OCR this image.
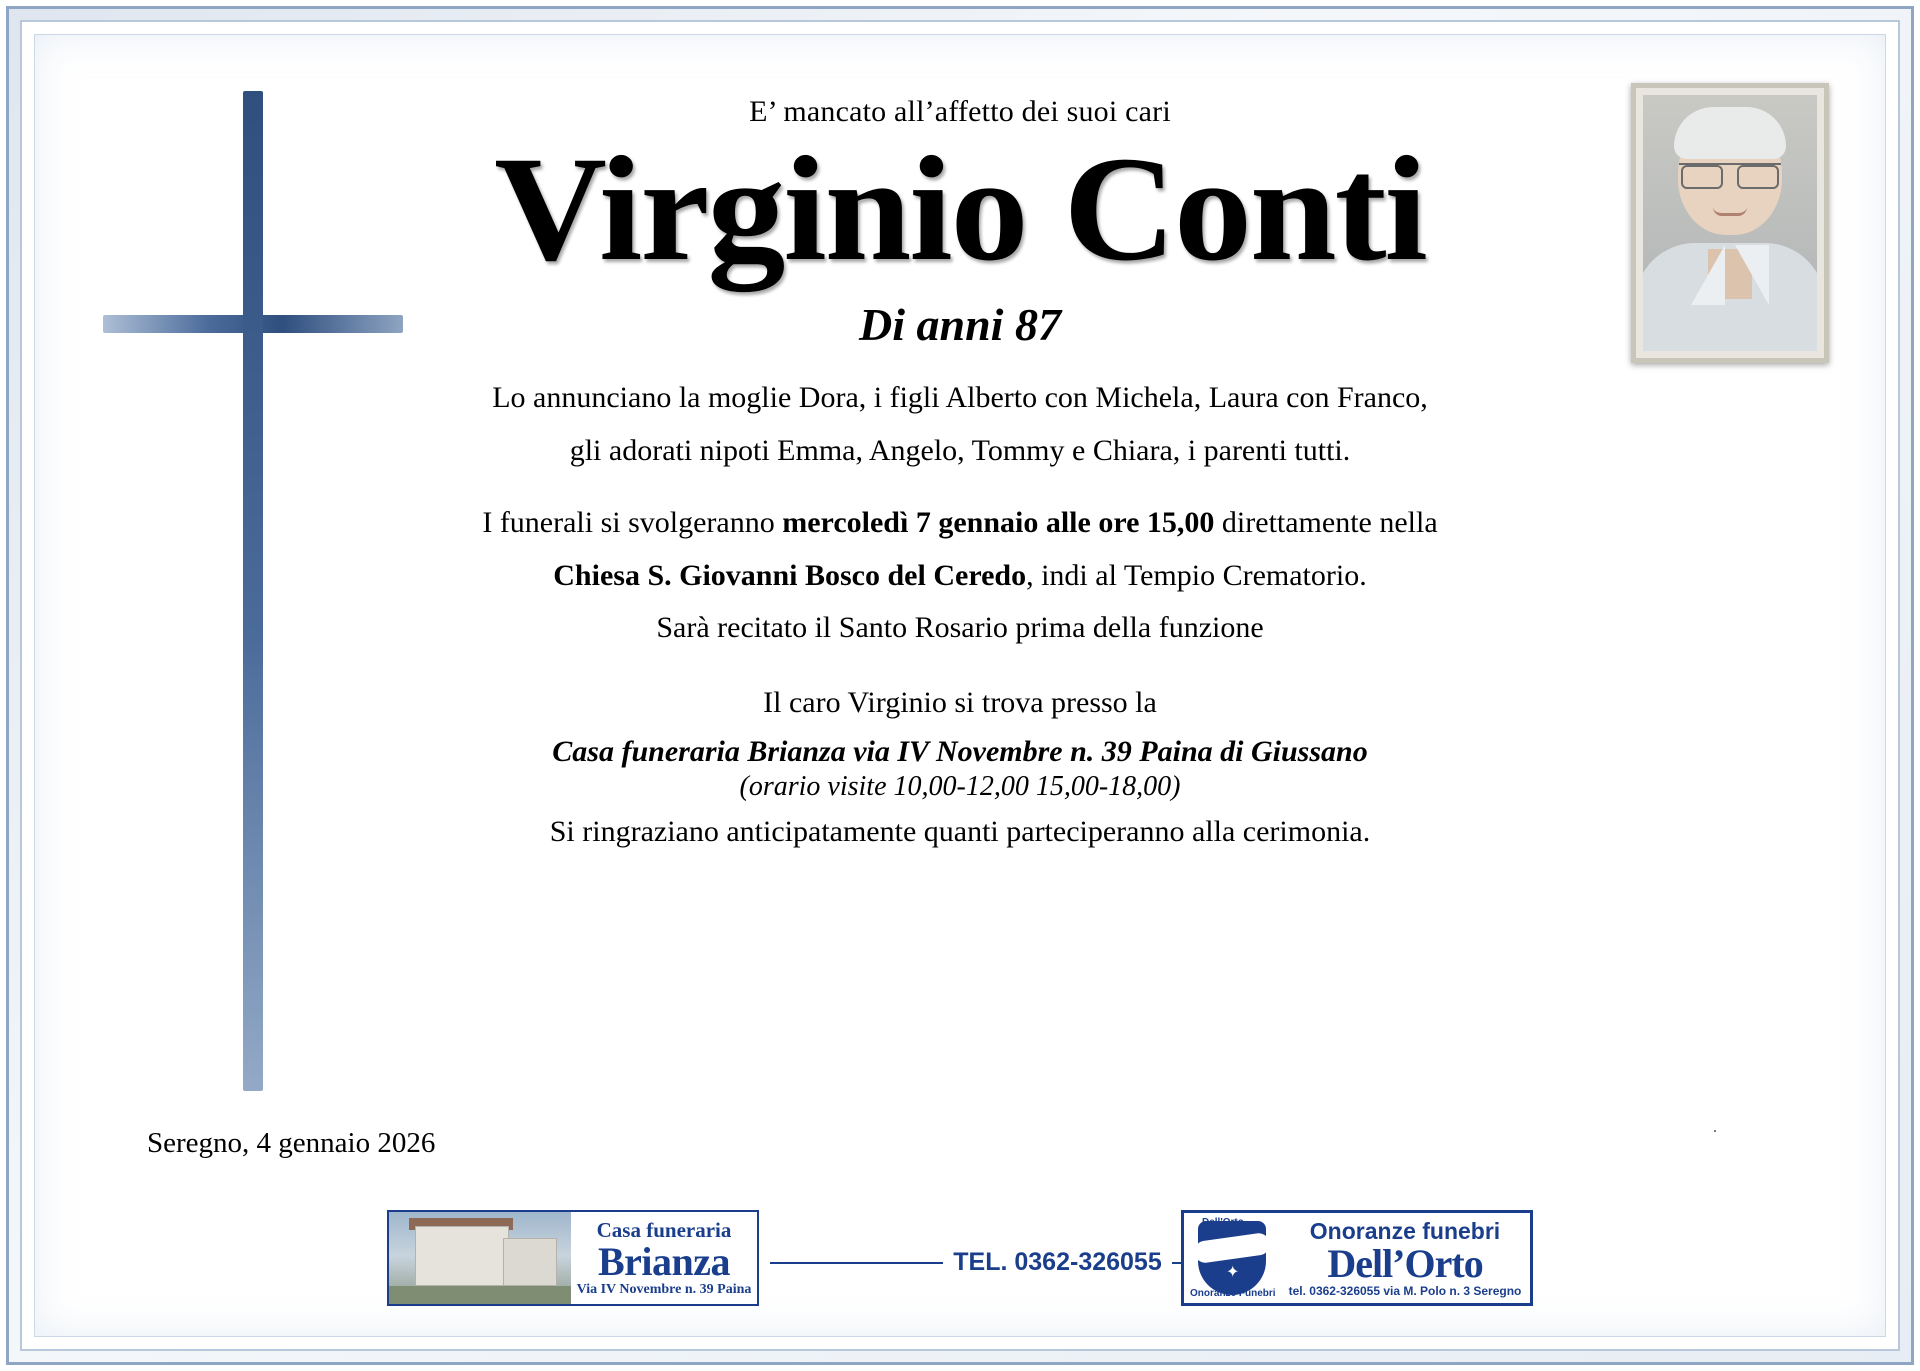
E’ mancato all’affetto dei suoi cari
Virginio Conti
Di anni 87
Lo annunciano la moglie Dora, i figli Alberto con Michela, Laura con Franco,
gli adorati nipoti Emma, Angelo, Tommy e Chiara, i parenti tutti.
I funerali si svolgeranno mercoledì 7 gennaio alle ore 15,00 direttamente nella
Chiesa S. Giovanni Bosco del Ceredo, indi al Tempio Crematorio.
Sarà recitato il Santo Rosario prima della funzione
Il caro Virginio si trova presso la
Casa funeraria Brianza via IV Novembre n. 39 Paina di Giussano
(orario visite 10,00-12,00 15,00-18,00)
Si ringraziano anticipatamente quanti parteciperanno alla cerimonia.
Seregno, 4 gennaio 2026	.
Casa funeraria
Brianza
Via IV Novembre n. 39 Paina
TEL. 0362-326055	✦
Dell'Orto
Onoranze Funebri
Onoranze funebri
Dell’Orto
tel. 0362-326055 via M. Polo n. 3 Seregno
